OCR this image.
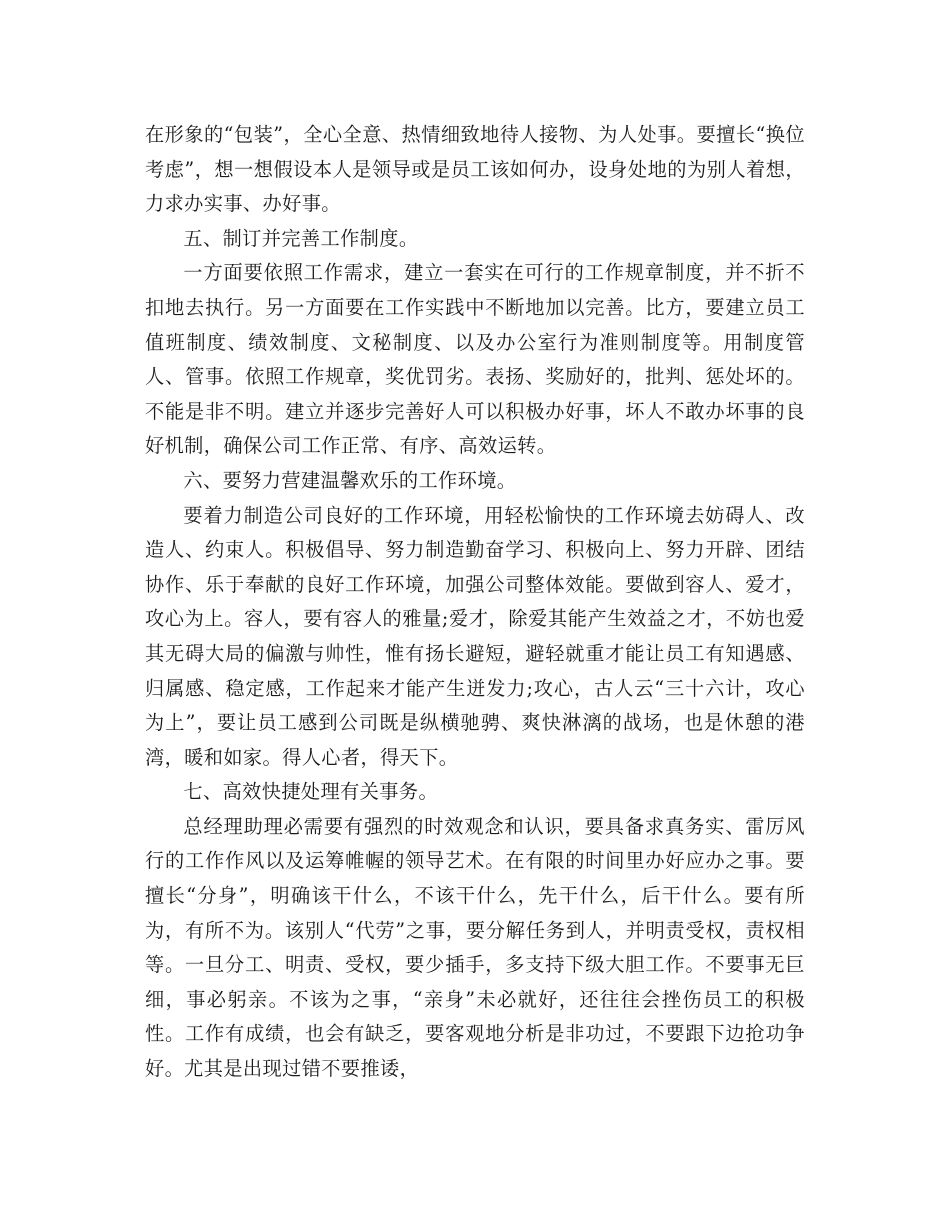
在形象的“包装”，全心全意、热情细致地待人接物、为人处事。要擅长“换位考虑”，想一想假设本人是领导或是员工该如何办，设身处地的为别人着想，力求办实事、办好事。

五、制订并完善工作制度。

一方面要依照工作需求，建立一套实在可行的工作规章制度，并不折不扣地去执行。另一方面要在工作实践中不断地加以完善。比方，要建立员工值班制度、绩效制度、文秘制度、以及办公室行为准则制度等。用制度管人、管事。依照工作规章，奖优罚劣。表扬、奖励好的，批判、惩处坏的。不能是非不明。建立并逐步完善好人可以积极办好事，坏人不敢办坏事的良好机制，确保公司工作正常、有序、高效运转。

六、要努力营建温馨欢乐的工作环境。

要着力制造公司良好的工作环境，用轻松愉快的工作环境去妨碍人、改造人、约束人。积极倡导、努力制造勤奋学习、积极向上、努力开辟、团结协作、乐于奉献的良好工作环境，加强公司整体效能。要做到容人、爱才，攻心为上。容人，要有容人的雅量;爱才，除爱其能产生效益之才，不妨也爱其无碍大局的偏激与帅性，惟有扬长避短，避轻就重才能让员工有知遇感、归属感、稳定感，工作起来才能产生迸发力;攻心，古人云“三十六计，攻心为上”，要让员工感到公司既是纵横驰骋、爽快淋漓的战场，也是休憩的港湾，暖和如家。得人心者，得天下。

七、高效快捷处理有关事务。

总经理助理必需要有强烈的时效观念和认识，要具备求真务实、雷厉风行的工作作风以及运筹帷幄的领导艺术。在有限的时间里办好应办之事。要擅长“分身”，明确该干什么，不该干什么，先干什么，后干什么。要有所为，有所不为。该别人“代劳”之事，要分解任务到人，并明责受权，责权相等。一旦分工、明责、受权，要少插手，多支持下级大胆工作。不要事无巨细，事必躬亲。不该为之事，“亲身”未必就好，还往往会挫伤员工的积极性。工作有成绩，也会有缺乏，要客观地分析是非功过，不要跟下边抢功争好。尤其是出现过错不要推诿，
